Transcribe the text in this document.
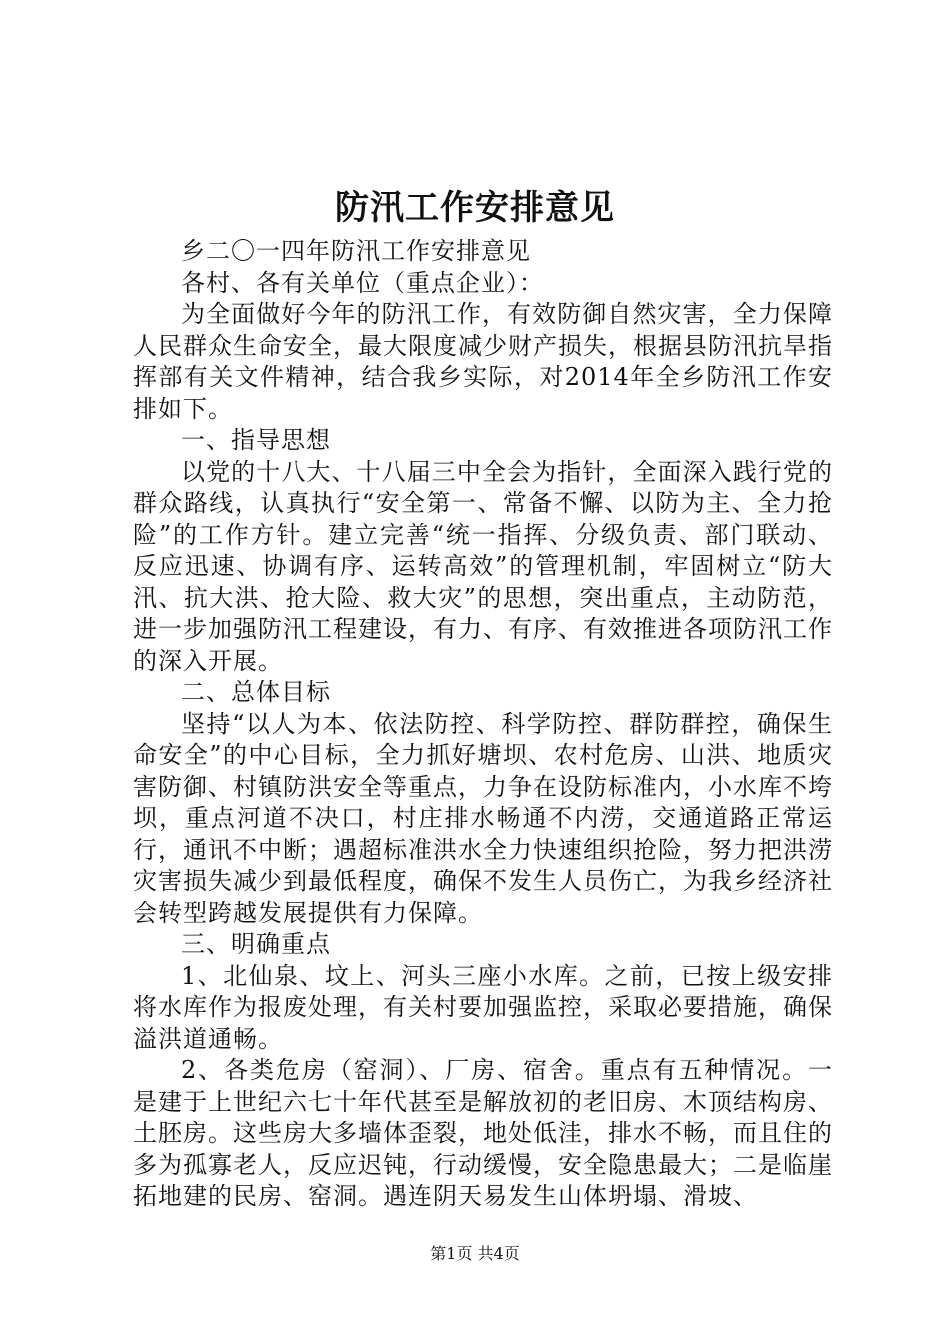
防汛工作安排意见

乡二〇一四年防汛工作安排意见

各村、各有关单位（重点企业）：

为全面做好今年的防汛工作，有效防御自然灾害，全力保障人民群众生命安全，最大限度减少财产损失，根据县防汛抗旱指挥部有关文件精神，结合我乡实际，对2014年全乡防汛工作安排如下。

一、指导思想

以党的十八大、十八届三中全会为指针，全面深入践行党的群众路线，认真执行“安全第一、常备不懈、以防为主、全力抢险”的工作方针。建立完善“统一指挥、分级负责、部门联动、反应迅速、协调有序、运转高效”的管理机制，牢固树立“防大汛、抗大洪、抢大险、救大灾”的思想，突出重点，主动防范，进一步加强防汛工程建设，有力、有序、有效推进各项防汛工作的深入开展。

二、总体目标

坚持“以人为本、依法防控、科学防控、群防群控，确保生命安全”的中心目标，全力抓好塘坝、农村危房、山洪、地质灾害防御、村镇防洪安全等重点，力争在设防标准内，小水库不垮坝，重点河道不决口，村庄排水畅通不内涝，交通道路正常运行，通讯不中断；遇超标准洪水全力快速组织抢险，努力把洪涝灾害损失减少到最低程度，确保不发生人员伤亡，为我乡经济社会转型跨越发展提供有力保障。

三、明确重点

1、北仙泉、坟上、河头三座小水库。之前，已按上级安排将水库作为报废处理，有关村要加强监控，采取必要措施，确保溢洪道通畅。

2、各类危房（窑洞）、厂房、宿舍。重点有五种情况。一是建于上世纪六七十年代甚至是解放初的老旧房、木顶结构房、土胚房。这些房大多墙体歪裂，地处低洼，排水不畅，而且住的多为孤寡老人，反应迟钝，行动缓慢，安全隐患最大；二是临崖拓地建的民房、窑洞。遇连阴天易发生山体坍塌、滑坡、

第1页 共4页
